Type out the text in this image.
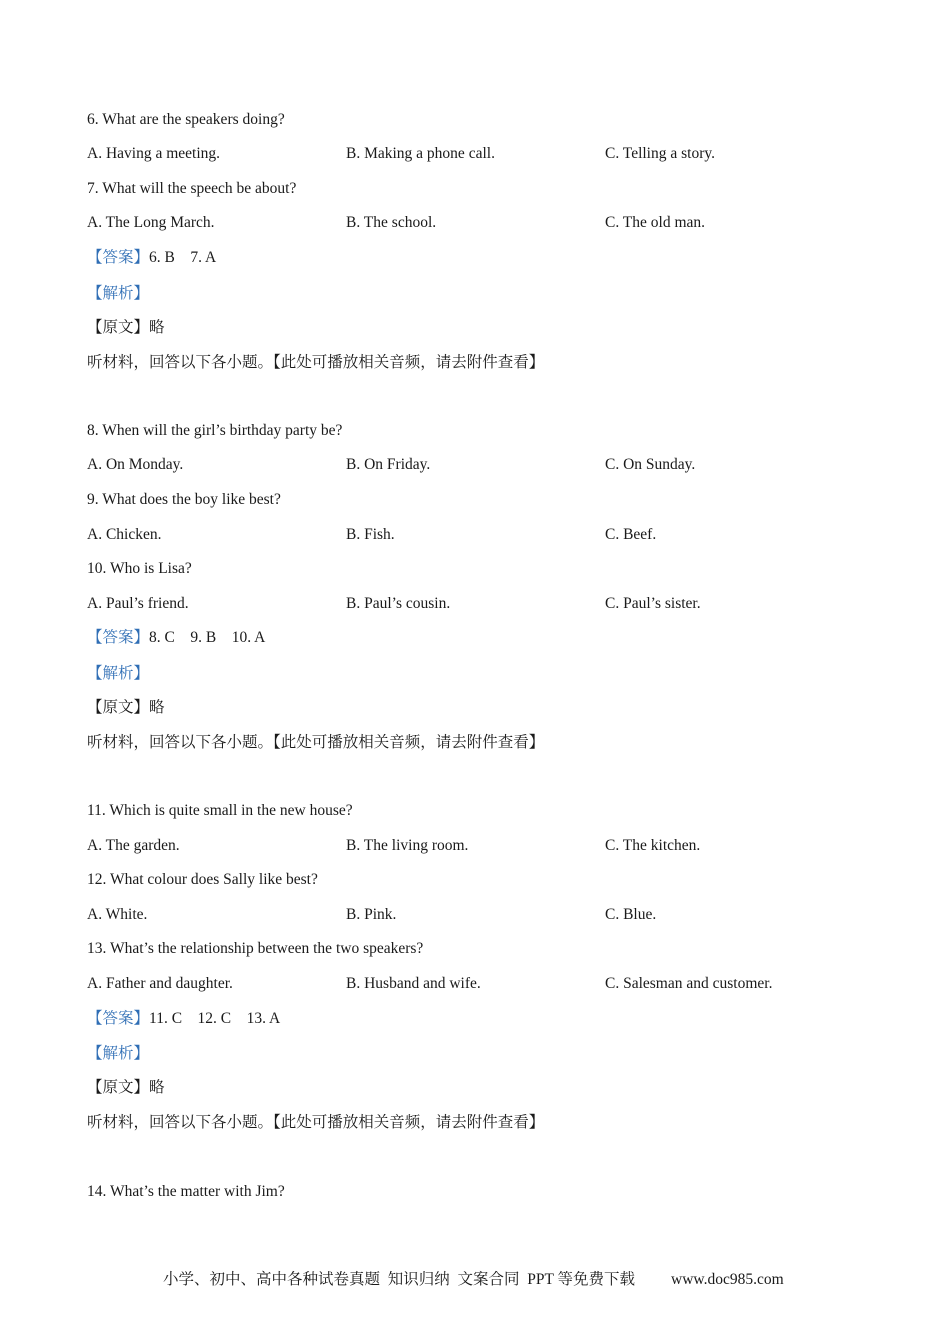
6. What are the speakers doing?
A. Having a meeting.	B. Making a phone call.	C. Telling a story.
7. What will the speech be about?
A. The Long March.	B. The school.	C. The old man.
【答案】6. B    7. A
【解析】
【原文】略
听材料，回答以下各小题。【此处可播放相关音频，请去附件查看】
8. When will the girl’s birthday party be?
A. On Monday.	B. On Friday.	C. On Sunday.
9. What does the boy like best?
A. Chicken.	B. Fish.	C. Beef.
10. Who is Lisa?
A. Paul’s friend.	B. Paul’s cousin.	C. Paul’s sister.
【答案】8. C    9. B    10. A
【解析】
【原文】略
听材料，回答以下各小题。【此处可播放相关音频，请去附件查看】
11. Which is quite small in the new house?
A. The garden.	B. The living room.	C. The kitchen.
12. What colour does Sally like best?
A. White.	B. Pink.	C. Blue.
13. What’s the relationship between the two speakers?
A. Father and daughter.	B. Husband and wife.	C. Salesman and customer.
【答案】11. C    12. C    13. A
【解析】
【原文】略
听材料，回答以下各小题。【此处可播放相关音频，请去附件查看】
14. What’s the matter with Jim?
小学、初中、高中各种试卷真题  知识归纳  文案合同  PPT 等免费下载 www.doc985.com
